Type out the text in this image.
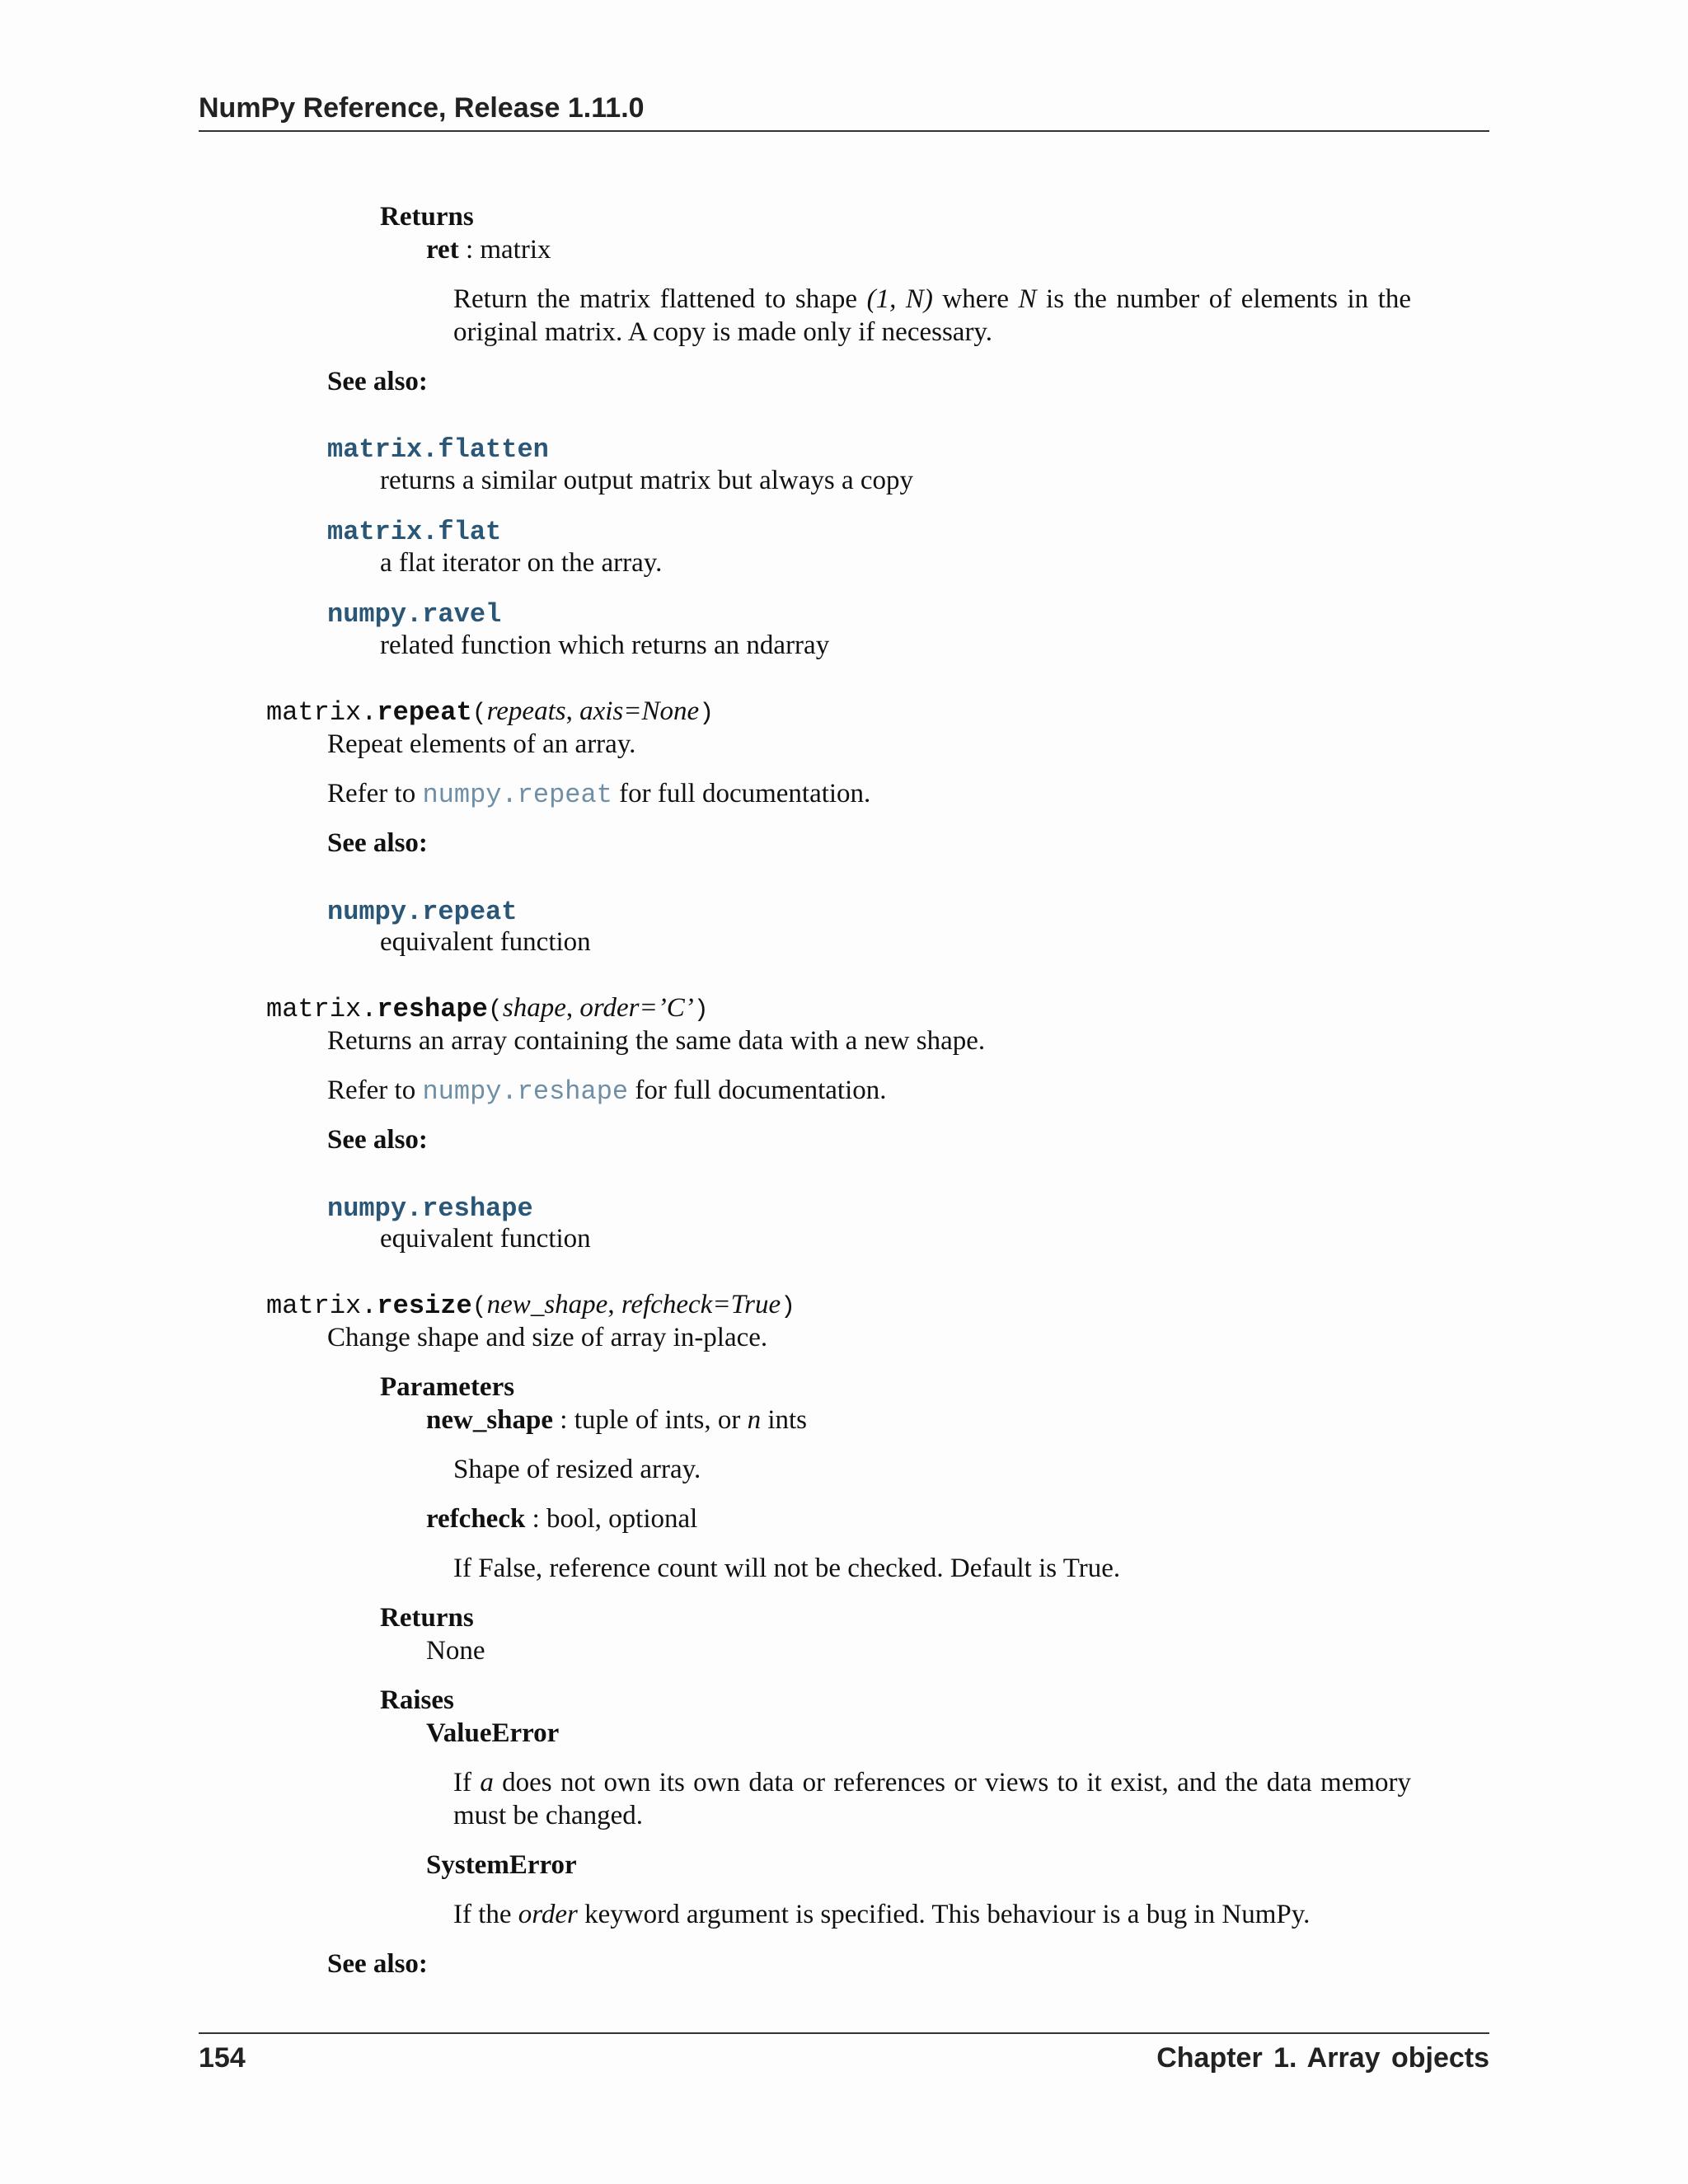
NumPy Reference, Release 1.11.0
Returns
ret : matrix
Return the matrix flattened to shape (1, N) where N is the number of elements in the original matrix. A copy is made only if necessary.
See also:
matrix.flatten
returns a similar output matrix but always a copy
matrix.flat
a flat iterator on the array.
numpy.ravel
related function which returns an ndarray
matrix.repeat(repeats, axis=None)
Repeat elements of an array.
Refer to numpy.repeat for full documentation.
See also:
numpy.repeat
equivalent function
matrix.reshape(shape, order=’C’)
Returns an array containing the same data with a new shape.
Refer to numpy.reshape for full documentation.
See also:
numpy.reshape
equivalent function
matrix.resize(new_shape, refcheck=True)
Change shape and size of array in-place.
Parameters
new_shape : tuple of ints, or n ints
Shape of resized array.
refcheck : bool, optional
If False, reference count will not be checked. Default is True.
Returns
None
Raises
ValueError
If a does not own its own data or references or views to it exist, and the data memory must be changed.
SystemError
If the order keyword argument is specified. This behaviour is a bug in NumPy.
See also:
154	Chapter 1. Array objects
